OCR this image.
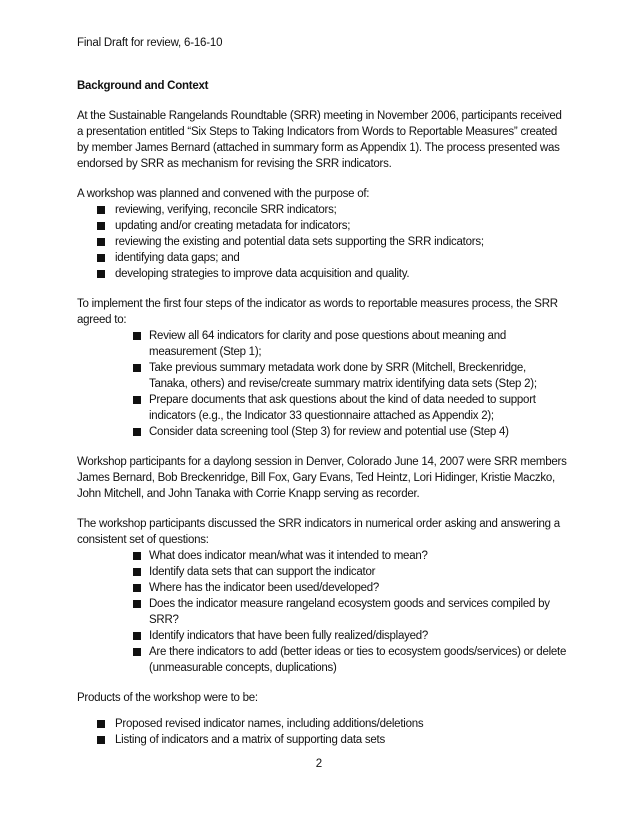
Final Draft for review, 6-16-10

Background and Context

At the Sustainable Rangelands Roundtable (SRR) meeting in November 2006, participants received a presentation entitled “Six Steps to Taking Indicators from Words to Reportable Measures” created by member James Bernard (attached in summary form as Appendix 1). The process presented was endorsed by SRR as mechanism for revising the SRR indicators.

A workshop was planned and convened with the purpose of:

reviewing, verifying, reconcile SRR indicators;
updating and/or creating metadata for indicators;
reviewing the existing and potential data sets supporting the SRR indicators;
identifying data gaps; and
developing strategies to improve data acquisition and quality.

To implement the first four steps of the indicator as words to reportable measures process, the SRR agreed to:

Review all 64 indicators for clarity and pose questions about meaning and measurement (Step 1);
Take previous summary metadata work done by SRR (Mitchell, Breckenridge, Tanaka, others) and revise/create summary matrix identifying data sets (Step 2);
Prepare documents that ask questions about the kind of data needed to support indicators (e.g., the Indicator 33 questionnaire attached as Appendix 2);
Consider data screening tool (Step 3) for review and potential use (Step 4)

Workshop participants for a daylong session in Denver, Colorado June 14, 2007 were SRR members James Bernard, Bob Breckenridge, Bill Fox, Gary Evans, Ted Heintz, Lori Hidinger, Kristie Maczko, John Mitchell, and John Tanaka with Corrie Knapp serving as recorder.

The workshop participants discussed the SRR indicators in numerical order asking and answering a consistent set of questions:

What does indicator mean/what was it intended to mean?
Identify data sets that can support the indicator
Where has the indicator been used/developed?
Does the indicator measure rangeland ecosystem goods and services compiled by SRR?
Identify indicators that have been fully realized/displayed?
Are there indicators to add (better ideas or ties to ecosystem goods/services) or delete (unmeasurable concepts, duplications)

Products of the workshop were to be:

Proposed revised indicator names, including additions/deletions
Listing of indicators and a matrix of supporting data sets
2
